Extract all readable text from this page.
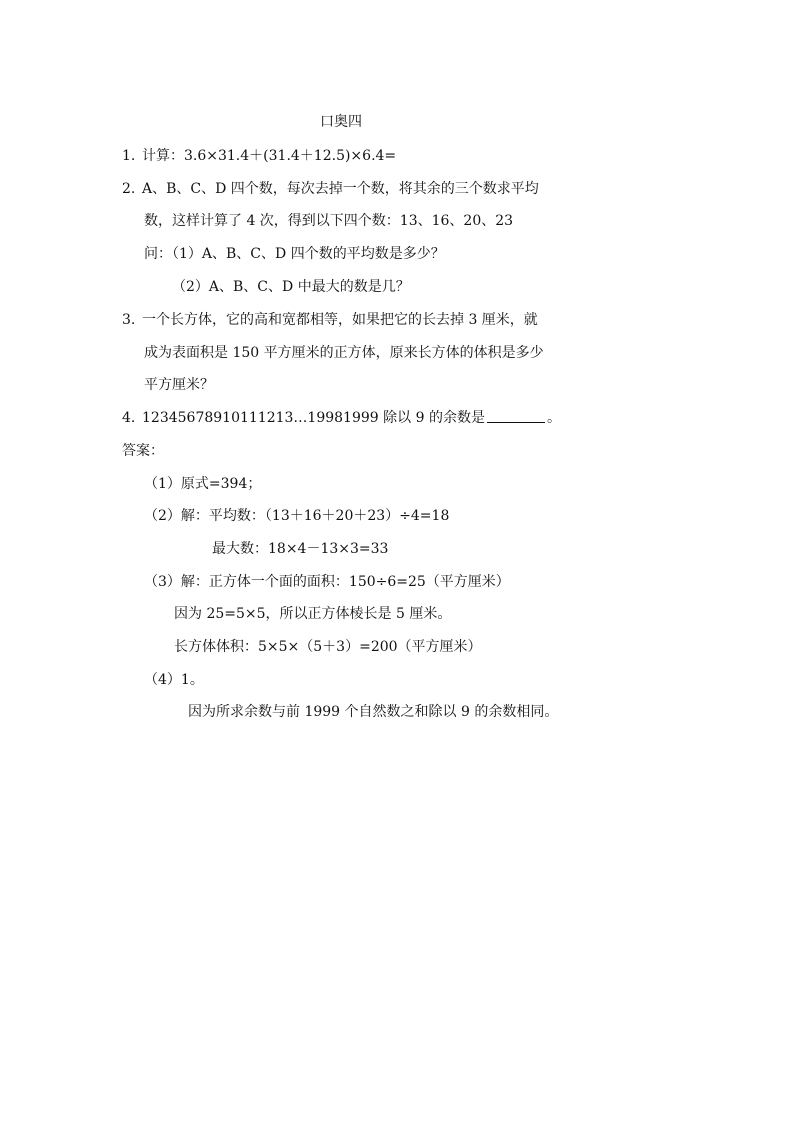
口奥四
1. 计算：3.6×31.4＋(31.4＋12.5)×6.4=
2. A、B、C、D 四个数，每次去掉一个数，将其余的三个数求平均
数，这样计算了 4 次，得到以下四个数：13、16、20、23
问：（1）A、B、C、D 四个数的平均数是多少？
（2）A、B、C、D 中最大的数是几？
3. 一个长方体，它的高和宽都相等，如果把它的长去掉 3 厘米，就
成为表面积是 150 平方厘米的正方体，原来长方体的体积是多少
平方厘米？
4. 12345678910111213…19981999 除以 9 的余数是	。
答案：
（1）原式=394；
（2）解：平均数：（13＋16＋20＋23）÷4=18
最大数：18×4－13×3=33
（3）解：正方体一个面的面积：150÷6=25（平方厘米）
因为 25=5×5，所以正方体棱长是 5 厘米。
长方体体积：5×5×（5＋3）=200（平方厘米）
（4）1。
因为所求余数与前 1999 个自然数之和除以 9 的余数相同。
